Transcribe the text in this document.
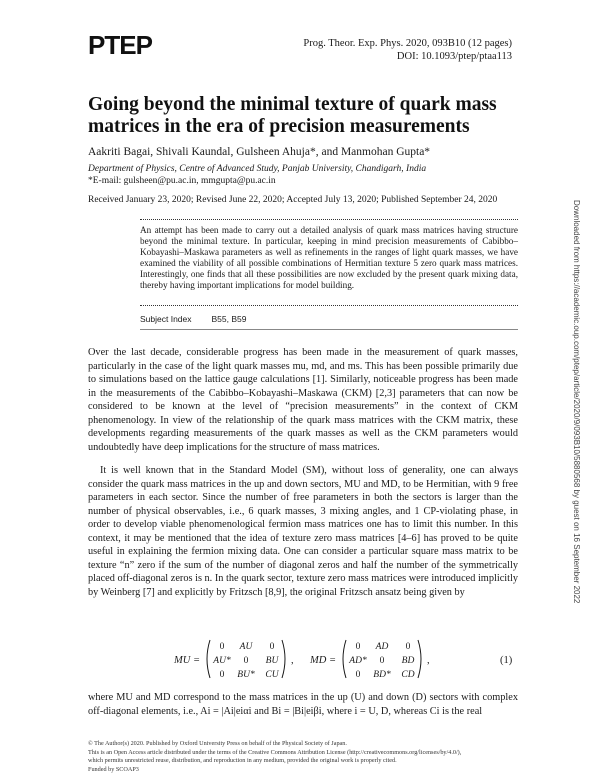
PTEP	Prog. Theor. Exp. Phys. 2020, 093B10 (12 pages)
DOI: 10.1093/ptep/ptaa113
Going beyond the minimal texture of quark mass matrices in the era of precision measurements
Aakriti Bagai, Shivali Kaundal, Gulsheen Ahuja*, and Manmohan Gupta*
Department of Physics, Centre of Advanced Study, Panjab University, Chandigarh, India
*E-mail: gulsheen@pu.ac.in, mmgupta@pu.ac.in
Received January 23, 2020; Revised June 22, 2020; Accepted July 13, 2020; Published September 24, 2020
An attempt has been made to carry out a detailed analysis of quark mass matrices having structure beyond the minimal texture. In particular, keeping in mind precision measurements of Cabibbo–Kobayashi–Maskawa parameters as well as refinements in the ranges of light quark masses, we have examined the viability of all possible combinations of Hermitian texture 5 zero quark mass matrices. Interestingly, one finds that all these possibilities are now excluded by the present quark mixing data, thereby having important implications for model building.
Subject Index B55, B59
Over the last decade, considerable progress has been made in the measurement of quark masses, particularly in the case of the light quark masses mu, md, and ms. This has been possible primarily due to simulations based on the lattice gauge calculations [1]. Similarly, noticeable progress has been made in the measurements of the Cabibbo–Kobayashi–Maskawa (CKM) [2,3] parameters that can now be considered to be known at the level of “precision measurements” in the context of CKM phenomenology. In view of the relationship of the quark mass matrices with the CKM matrix, these developments regarding measurements of the quark masses as well as the CKM parameters would undoubtedly have deep implications for the structure of mass matrices.
It is well known that in the Standard Model (SM), without loss of generality, one can always consider the quark mass matrices in the up and down sectors, MU and MD, to be Hermitian, with 9 free parameters in each sector. Since the number of free parameters in both the sectors is larger than the number of physical observables, i.e., 6 quark masses, 3 mixing angles, and 1 CP-violating phase, in order to develop viable phenomenological fermion mass matrices one has to limit this number. In this context, it may be mentioned that the idea of texture zero mass matrices [4–6] has proved to be quite useful in explaining the fermion mixing data. One can consider a particular square mass matrix to be texture “n” zero if the sum of the number of diagonal zeros and half the number of the symmetrically placed off-diagonal zeros is n. In the quark sector, texture zero mass matrices were introduced implicitly by Weinberg [7] and explicitly by Fritzsch [8,9], the original Fritzsch ansatz being given by
MU =
0 AU 0
AU* 0 BU
0 BU* CU
, MD =
0 AD 0
AD* 0 BD
0 BD* CD
,	(1)
where MU and MD correspond to the mass matrices in the up (U) and down (D) sectors with complex off-diagonal elements, i.e., Ai = |Ai|eiαi and Bi = |Bi|eiβi, where i = U, D, whereas Ci is the real
© The Author(s) 2020. Published by Oxford University Press on behalf of the Physical Society of Japan.
This is an Open Access article distributed under the terms of the Creative Commons Attribution License (http://creativecommons.org/licenses/by/4.0/),
which permits unrestricted reuse, distribution, and reproduction in any medium, provided the original work is properly cited.
Funded by SCOAP3
Downloaded from https://academic.oup.com/ptep/article/2020/9/093B10/5880568 by guest on 16 September 2022
